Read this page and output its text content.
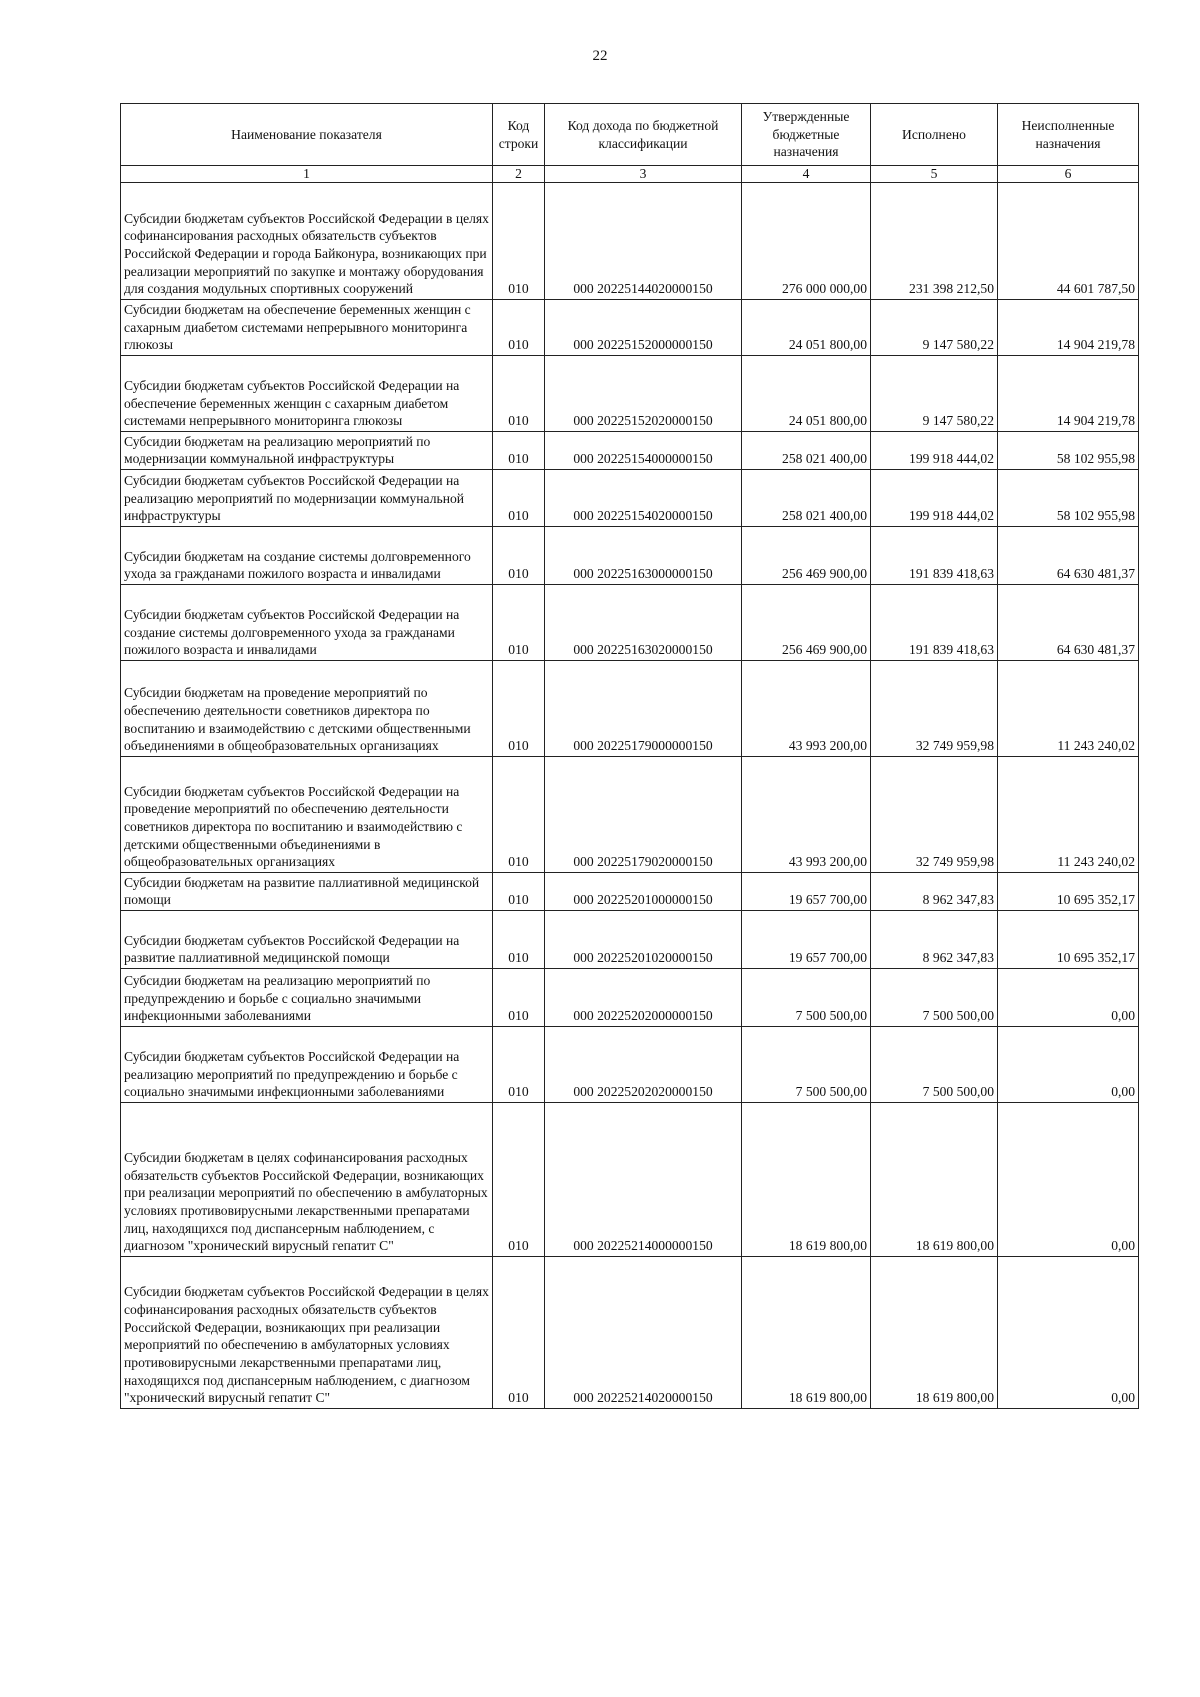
22
Наименование показателя	Код строки	Код дохода по бюджетной классификации	Утвержденные бюджетные назначения	Исполнено	Неисполненные назначения
1	2	3	4	5	6
Субсидии бюджетам субъектов Российской Федерации в целях софинансирования расходных обязательств субъектов Российской Федерации и города Байконура, возникающих при реализации мероприятий по закупке и монтажу оборудования для создания модульных спортивных сооружений	010	000 20225144020000150	276 000 000,00	231 398 212,50	44 601 787,50
Субсидии бюджетам на обеспечение беременных женщин с сахарным диабетом системами непрерывного мониторинга глюкозы	010	000 20225152000000150	24 051 800,00	9 147 580,22	14 904 219,78
Субсидии бюджетам субъектов Российской Федерации на обеспечение беременных женщин с сахарным диабетом системами непрерывного мониторинга глюкозы	010	000 20225152020000150	24 051 800,00	9 147 580,22	14 904 219,78
Субсидии бюджетам на реализацию мероприятий по модернизации коммунальной инфраструктуры	010	000 20225154000000150	258 021 400,00	199 918 444,02	58 102 955,98
Субсидии бюджетам субъектов Российской Федерации на реализацию мероприятий по модернизации коммунальной инфраструктуры	010	000 20225154020000150	258 021 400,00	199 918 444,02	58 102 955,98
Субсидии бюджетам на создание системы долговременного ухода за гражданами пожилого возраста и инвалидами	010	000 20225163000000150	256 469 900,00	191 839 418,63	64 630 481,37
Субсидии бюджетам субъектов Российской Федерации на создание системы долговременного ухода за гражданами пожилого возраста и инвалидами	010	000 20225163020000150	256 469 900,00	191 839 418,63	64 630 481,37
Субсидии бюджетам на проведение мероприятий по обеспечению деятельности советников директора по воспитанию и взаимодействию с детскими общественными объединениями в общеобразовательных организациях	010	000 20225179000000150	43 993 200,00	32 749 959,98	11 243 240,02
Субсидии бюджетам субъектов Российской Федерации на проведение мероприятий по обеспечению деятельности советников директора по воспитанию и взаимодействию с детскими общественными объединениями в общеобразовательных организациях	010	000 20225179020000150	43 993 200,00	32 749 959,98	11 243 240,02
Субсидии бюджетам на развитие паллиативной медицинской помощи	010	000 20225201000000150	19 657 700,00	8 962 347,83	10 695 352,17
Субсидии бюджетам субъектов Российской Федерации на развитие паллиативной медицинской помощи	010	000 20225201020000150	19 657 700,00	8 962 347,83	10 695 352,17
Субсидии бюджетам на реализацию мероприятий по предупреждению и борьбе с социально значимыми инфекционными заболеваниями	010	000 20225202000000150	7 500 500,00	7 500 500,00	0,00
Субсидии бюджетам субъектов Российской Федерации на реализацию мероприятий по предупреждению и борьбе с социально значимыми инфекционными заболеваниями	010	000 20225202020000150	7 500 500,00	7 500 500,00	0,00
Субсидии бюджетам в целях софинансирования расходных обязательств субъектов Российской Федерации, возникающих при реализации мероприятий по обеспечению в амбулаторных условиях противовирусными лекарственными препаратами лиц, находящихся под диспансерным наблюдением, с диагнозом "хронический вирусный гепатит С"	010	000 20225214000000150	18 619 800,00	18 619 800,00	0,00
Субсидии бюджетам субъектов Российской Федерации в целях софинансирования расходных обязательств субъектов Российской Федерации, возникающих при реализации мероприятий по обеспечению в амбулаторных условиях противовирусными лекарственными препаратами лиц, находящихся под диспансерным наблюдением, с диагнозом "хронический вирусный гепатит С"	010	000 20225214020000150	18 619 800,00	18 619 800,00	0,00
